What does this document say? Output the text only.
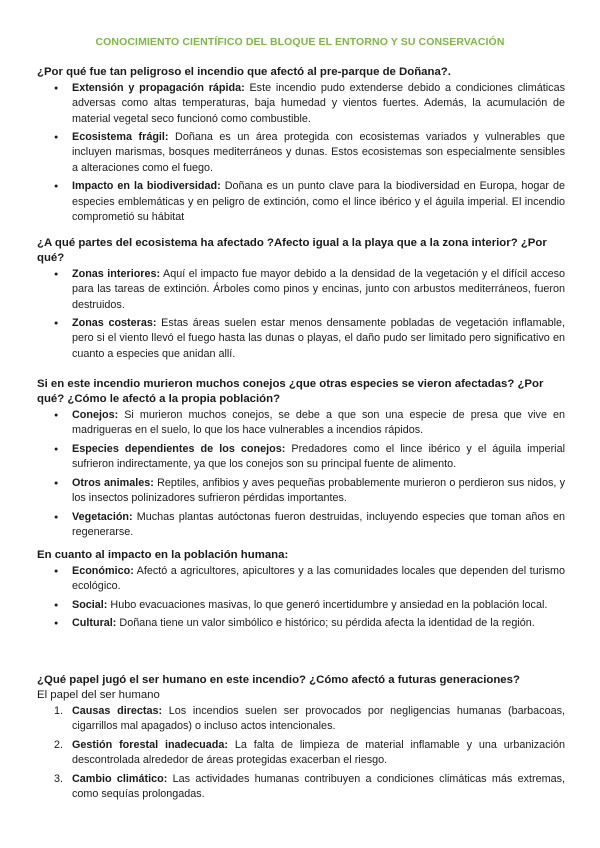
CONOCIMIENTO CIENTÍFICO DEL BLOQUE EL ENTORNO Y SU CONSERVACIÓN
¿Por qué fue tan peligroso el incendio que afectó al pre-parque de Doñana?.
● Extensión y propagación rápida: Este incendio pudo extenderse debido a condiciones climáticas adversas como altas temperaturas, baja humedad y vientos fuertes. Además, la acumulación de material vegetal seco funcionó como combustible.
● Ecosistema frágil: Doñana es un área protegida con ecosistemas variados y vulnerables que incluyen marismas, bosques mediterráneos y dunas. Estos ecosistemas son especialmente sensibles a alteraciones como el fuego.
● Impacto en la biodiversidad: Doñana es un punto clave para la biodiversidad en Europa, hogar de especies emblemáticas y en peligro de extinción, como el lince ibérico y el águila imperial. El incendio comprometió su hábitat
¿A qué partes del ecosistema ha afectado ?Afecto igual a la playa que a la zona interior? ¿Por qué?
● Zonas interiores: Aquí el impacto fue mayor debido a la densidad de la vegetación y el difícil acceso para las tareas de extinción. Árboles como pinos y encinas, junto con arbustos mediterráneos, fueron destruidos.
● Zonas costeras: Estas áreas suelen estar menos densamente pobladas de vegetación inflamable, pero si el viento llevó el fuego hasta las dunas o playas, el daño pudo ser limitado pero significativo en cuanto a especies que anidan allí.
Si en este incendio murieron muchos conejos ¿que otras especies se vieron afectadas? ¿Por qué? ¿Cómo le afectó a la propia población?
● Conejos: Si murieron muchos conejos, se debe a que son una especie de presa que vive en madrigueras en el suelo, lo que los hace vulnerables a incendios rápidos.
● Especies dependientes de los conejos: Predadores como el lince ibérico y el águila imperial sufrieron indirectamente, ya que los conejos son su principal fuente de alimento.
● Otros animales: Reptiles, anfibios y aves pequeñas probablemente murieron o perdieron sus nidos, y los insectos polinizadores sufrieron pérdidas importantes.
● Vegetación: Muchas plantas autóctonas fueron destruidas, incluyendo especies que toman años en regenerarse.
En cuanto al impacto en la población humana:
● Económico: Afectó a agricultores, apicultores y a las comunidades locales que dependen del turismo ecológico.
● Social: Hubo evacuaciones masivas, lo que generó incertidumbre y ansiedad en la población local.
● Cultural: Doñana tiene un valor simbólico e histórico; su pérdida afecta la identidad de la región.
¿Qué papel jugó el ser humano en este incendio? ¿Cómo afectó a futuras generaciones?
El papel del ser humano
1. Causas directas: Los incendios suelen ser provocados por negligencias humanas (barbacoas, cigarrillos mal apagados) o incluso actos intencionales.
2. Gestión forestal inadecuada: La falta de limpieza de material inflamable y una urbanización descontrolada alrededor de áreas protegidas exacerban el riesgo.
3. Cambio climático: Las actividades humanas contribuyen a condiciones climáticas más extremas, como sequías prolongadas.
